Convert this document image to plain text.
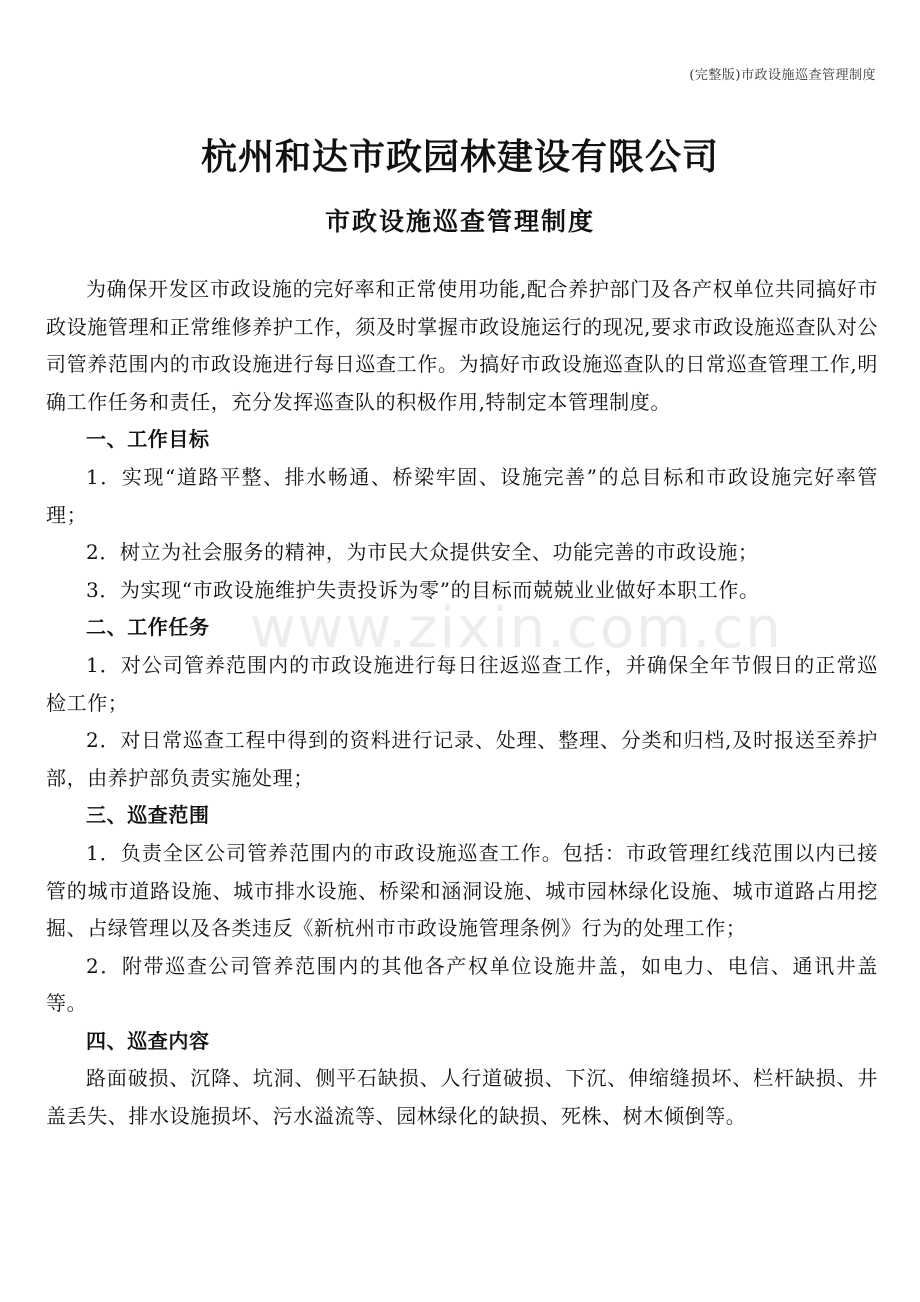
(完整版)市政设施巡查管理制度
杭州和达市政园林建设有限公司
市政设施巡查管理制度
www.zixin.com.cn

为确保开发区市政设施的完好率和正常使用功能,配合养护部门及各产权单位共同搞好市政设施管理和正常维修养护工作，须及时掌握市政设施运行的现况,要求市政设施巡查队对公司管养范围内的市政设施进行每日巡查工作。为搞好市政设施巡查队的日常巡查管理工作,明确工作任务和责任，充分发挥巡查队的积极作用,特制定本管理制度。

一、工作目标

1．实现“道路平整、排水畅通、桥梁牢固、设施完善”的总目标和市政设施完好率管理；

2．树立为社会服务的精神，为市民大众提供安全、功能完善的市政设施；

3．为实现“市政设施维护失责投诉为零”的目标而兢兢业业做好本职工作。

二、工作任务

1．对公司管养范围内的市政设施进行每日往返巡查工作，并确保全年节假日的正常巡检工作；

2．对日常巡查工程中得到的资料进行记录、处理、整理、分类和归档,及时报送至养护部，由养护部负责实施处理；

三、巡查范围

1．负责全区公司管养范围内的市政设施巡查工作。包括：市政管理红线范围以内已接管的城市道路设施、城市排水设施、桥梁和涵洞设施、城市园林绿化设施、城市道路占用挖掘、占绿管理以及各类违反《新杭州市市政设施管理条例》行为的处理工作；

2．附带巡查公司管养范围内的其他各产权单位设施井盖，如电力、电信、通讯井盖等。

四、巡查内容

路面破损、沉降、坑洞、侧平石缺损、人行道破损、下沉、伸缩缝损坏、栏杆缺损、井盖丢失、排水设施损坏、污水溢流等、园林绿化的缺损、死株、树木倾倒等。
